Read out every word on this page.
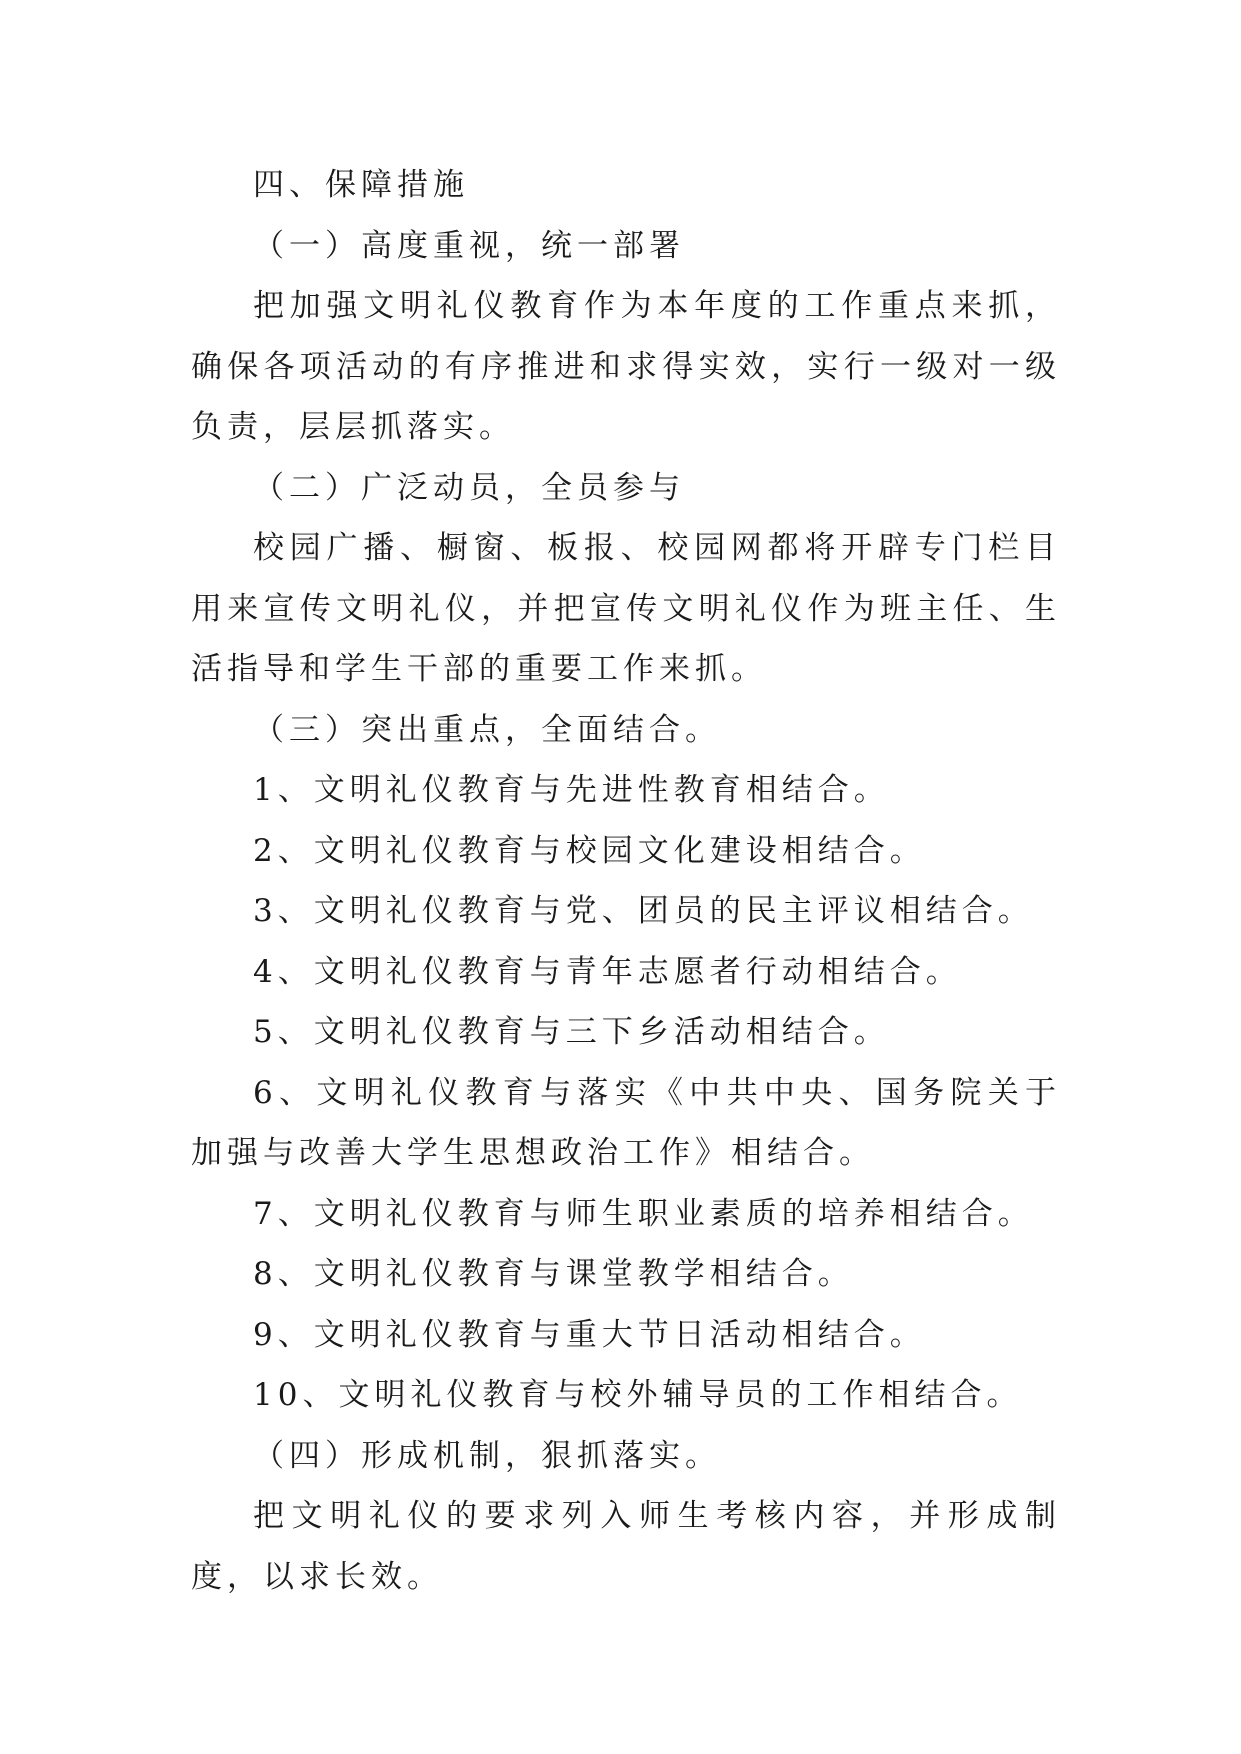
四、保障措施

（一）高度重视，统一部署

把加强文明礼仪教育作为本年度的工作重点来抓，确保各项活动的有序推进和求得实效，实行一级对一级负责，层层抓落实。

（二）广泛动员，全员参与

校园广播、橱窗、板报、校园网都将开辟专门栏目用来宣传文明礼仪，并把宣传文明礼仪作为班主任、生活指导和学生干部的重要工作来抓。

（三）突出重点，全面结合。

1、文明礼仪教育与先进性教育相结合。

2、文明礼仪教育与校园文化建设相结合。

3、文明礼仪教育与党、团员的民主评议相结合。

4、文明礼仪教育与青年志愿者行动相结合。

5、文明礼仪教育与三下乡活动相结合。

6、文明礼仪教育与落实《中共中央、国务院关于加强与改善大学生思想政治工作》相结合。

7、文明礼仪教育与师生职业素质的培养相结合。

8、文明礼仪教育与课堂教学相结合。

9、文明礼仪教育与重大节日活动相结合。

10、文明礼仪教育与校外辅导员的工作相结合。

（四）形成机制，狠抓落实。

把文明礼仪的要求列入师生考核内容，并形成制度，以求长效。
